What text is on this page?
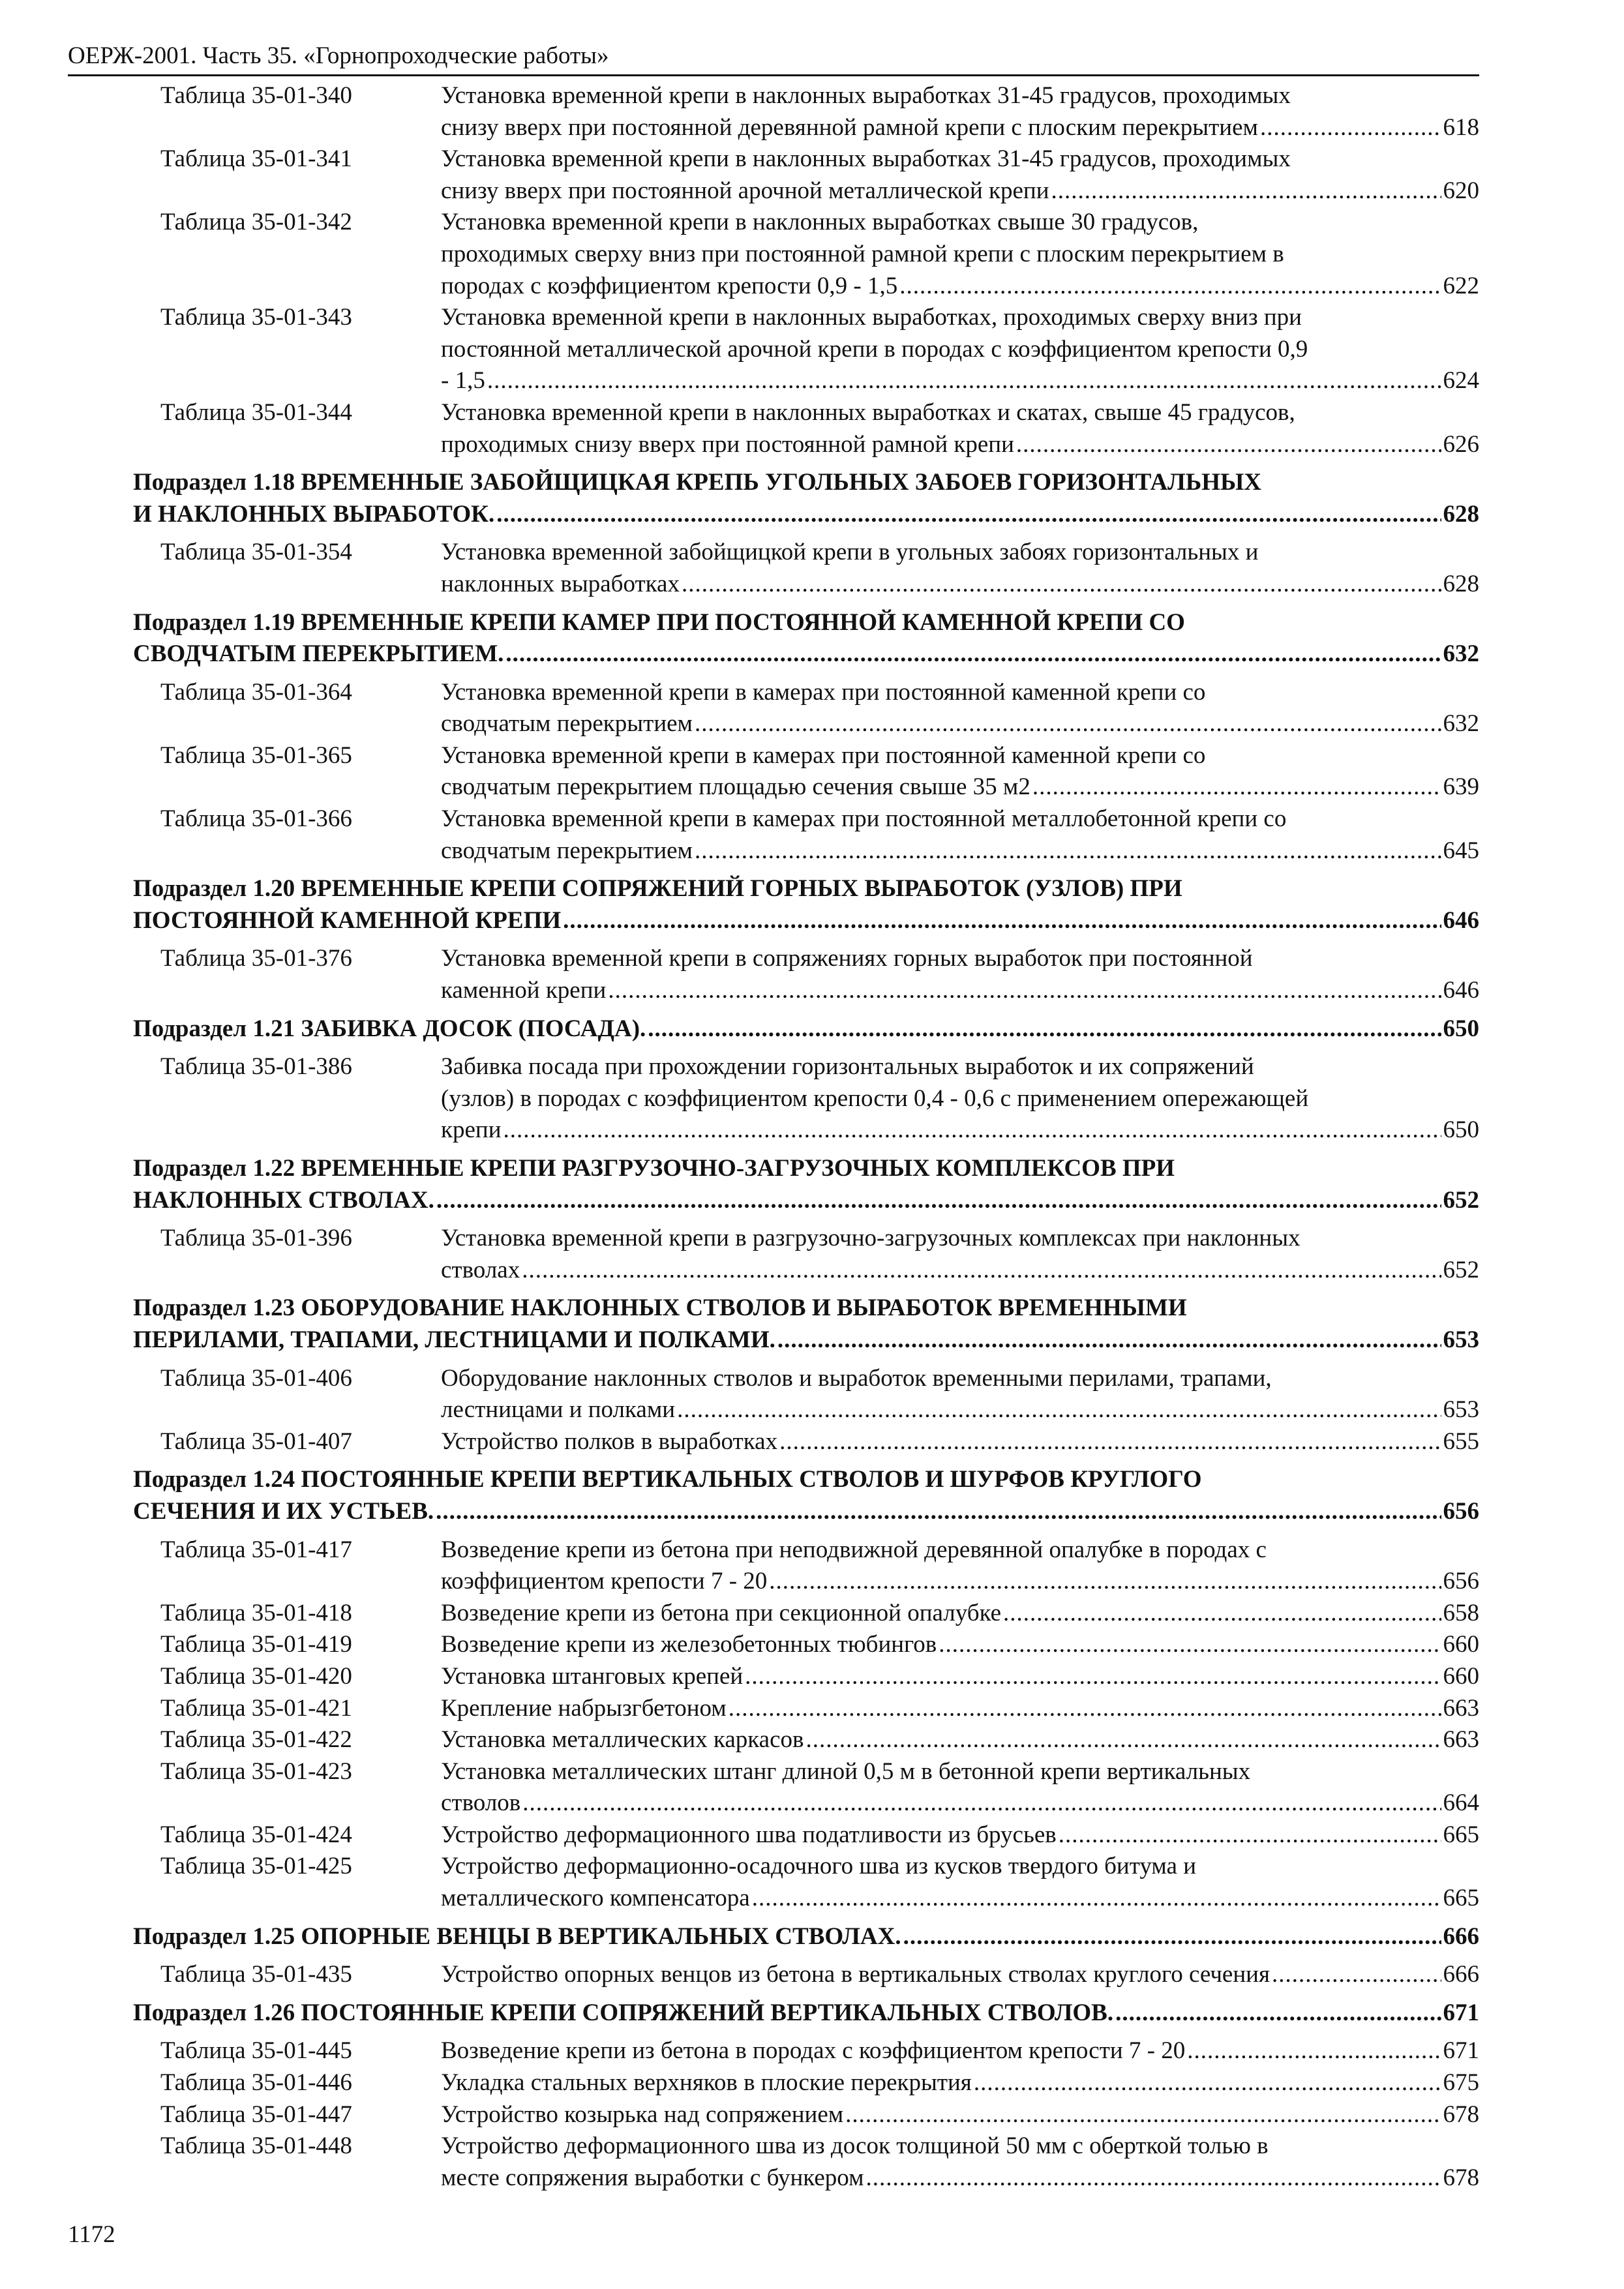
ОЕРЖ-2001. Часть 35. «Горнопроходческие работы»
Таблица 35-01-340	Установка временной крепи в наклонных выработках 31-45 градусов, проходимых
снизу вверх при постоянной деревянной рамной крепи с плоским перекрытием .....	618
Таблица 35-01-341	Установка временной крепи в наклонных выработках 31-45 градусов, проходимых
снизу вверх при постоянной арочной металлической крепи .....	620
Таблица 35-01-342	Установка временной крепи в наклонных выработках свыше 30 градусов,
проходимых сверху вниз при постоянной рамной крепи с плоским перекрытием в
породах с коэффициентом крепости 0,9 - 1,5 .....	622
Таблица 35-01-343	Установка временной крепи в наклонных выработках, проходимых сверху вниз при
постоянной металлической арочной крепи в породах с коэффициентом крепости 0,9
- 1,5 .....	624
Таблица 35-01-344	Установка временной крепи в наклонных выработках и скатах, свыше 45 градусов,
проходимых снизу вверх при постоянной рамной крепи .....	626
Подраздел 1.18 ВРЕМЕННЫЕ ЗАБОЙЩИЦКАЯ КРЕПЬ УГОЛЬНЫХ ЗАБОЕВ ГОРИЗОНТАЛЬНЫХ
И НАКЛОННЫХ ВЫРАБОТОК. .....	628
Таблица 35-01-354	Установка временной забойщицкой крепи в угольных забоях горизонтальных и
наклонных выработках .....	628
Подраздел 1.19 ВРЕМЕННЫЕ КРЕПИ КАМЕР ПРИ ПОСТОЯННОЙ КАМЕННОЙ КРЕПИ СО
СВОДЧАТЫМ ПЕРЕКРЫТИЕМ. .....	632
Таблица 35-01-364	Установка временной крепи в камерах при постоянной каменной крепи со
сводчатым перекрытием .....	632
Таблица 35-01-365	Установка временной крепи в камерах при постоянной каменной крепи со
сводчатым перекрытием площадью сечения свыше 35 м2 .....	639
Таблица 35-01-366	Установка временной крепи в камерах при постоянной металлобетонной крепи со
сводчатым перекрытием .....	645
Подраздел 1.20 ВРЕМЕННЫЕ КРЕПИ СОПРЯЖЕНИЙ ГОРНЫХ ВЫРАБОТОК (УЗЛОВ) ПРИ
ПОСТОЯННОЙ КАМЕННОЙ КРЕПИ .....	646
Таблица 35-01-376	Установка временной крепи в сопряжениях горных выработок при постоянной
каменной крепи .....	646
Подраздел 1.21 ЗАБИВКА ДОСОК (ПОСАДА). .....	650
Таблица 35-01-386	Забивка посада при прохождении горизонтальных выработок и их сопряжений
(узлов) в породах с коэффициентом крепости 0,4 - 0,6 с применением опережающей
крепи .....	650
Подраздел 1.22 ВРЕМЕННЫЕ КРЕПИ РАЗГРУЗОЧНО-ЗАГРУЗОЧНЫХ КОМПЛЕКСОВ ПРИ
НАКЛОННЫХ СТВОЛАХ. .....	652
Таблица 35-01-396	Установка временной крепи в разгрузочно-загрузочных комплексах при наклонных
стволах .....	652
Подраздел 1.23 ОБОРУДОВАНИЕ НАКЛОННЫХ СТВОЛОВ И ВЫРАБОТОК ВРЕМЕННЫМИ
ПЕРИЛАМИ, ТРАПАМИ, ЛЕСТНИЦАМИ И ПОЛКАМИ. .....	653
Таблица 35-01-406	Оборудование наклонных стволов и выработок временными перилами, трапами,
лестницами и полками .....	653
Таблица 35-01-407	Устройство полков в выработках .....	655
Подраздел 1.24 ПОСТОЯННЫЕ КРЕПИ ВЕРТИКАЛЬНЫХ СТВОЛОВ И ШУРФОВ КРУГЛОГО
СЕЧЕНИЯ И ИХ УСТЬЕВ. .....	656
Таблица 35-01-417	Возведение крепи из бетона при неподвижной деревянной опалубке в породах с
коэффициентом крепости 7 - 20 .....	656
Таблица 35-01-418	Возведение крепи из бетона при секционной опалубке .....	658
Таблица 35-01-419	Возведение крепи из железобетонных тюбингов .....	660
Таблица 35-01-420	Установка штанговых крепей .....	660
Таблица 35-01-421	Крепление набрызгбетоном .....	663
Таблица 35-01-422	Установка металлических каркасов .....	663
Таблица 35-01-423	Установка металлических штанг длиной 0,5 м в бетонной крепи вертикальных
стволов .....	664
Таблица 35-01-424	Устройство деформационного шва податливости из брусьев .....	665
Таблица 35-01-425	Устройство деформационно-осадочного шва из кусков твердого битума и
металлического компенсатора .....	665
Подраздел 1.25 ОПОРНЫЕ ВЕНЦЫ В ВЕРТИКАЛЬНЫХ СТВОЛАХ. .....	666
Таблица 35-01-435	Устройство опорных венцов из бетона в вертикальных стволах круглого сечения .....	666
Подраздел 1.26 ПОСТОЯННЫЕ КРЕПИ СОПРЯЖЕНИЙ ВЕРТИКАЛЬНЫХ СТВОЛОВ. .....	671
Таблица 35-01-445	Возведение крепи из бетона в породах с коэффициентом крепости 7 - 20 .....	671
Таблица 35-01-446	Укладка стальных верхняков в плоские перекрытия .....	675
Таблица 35-01-447	Устройство козырька над сопряжением .....	678
Таблица 35-01-448	Устройство деформационного шва из досок толщиной 50 мм с оберткой толью в
месте сопряжения выработки с бункером .....	678
1172
